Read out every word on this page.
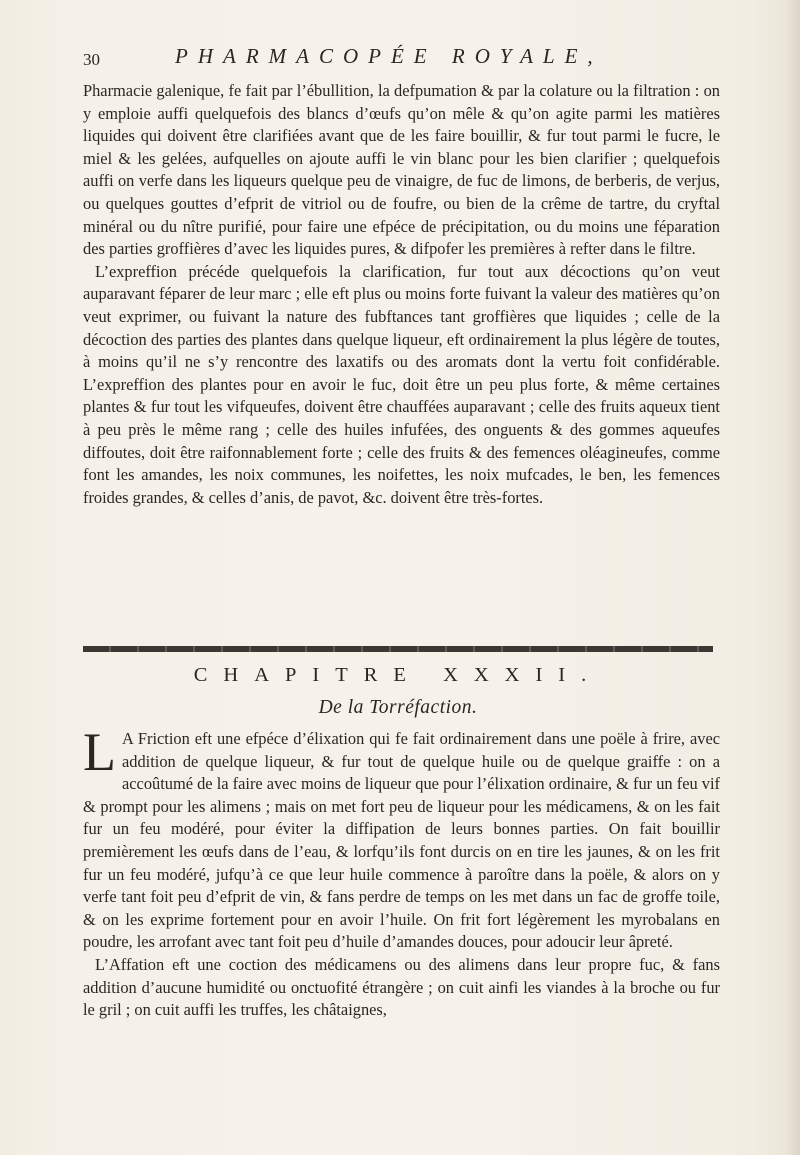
30	PHARMACOPÉE ROYALE,

Pharmacie galenique, fe fait par l’ébullition, la defpumation & par la colature ou la filtration : on y emploie auffi quelquefois des blancs d’œufs qu’on mêle & qu’on agite parmi les matières liquides qui doivent être clarifiées avant que de les faire bouillir, & fur tout parmi le fucre, le miel & les gelées, aufquelles on ajoute auffi le vin blanc pour les bien clarifier ; quelquefois auffi on verfe dans les liqueurs quelque peu de vinaigre, de fuc de limons, de berberis, de verjus, ou quelques gouttes d’efprit de vitriol ou de foufre, ou bien de la crême de tartre, du cryftal minéral ou du nître purifié, pour faire une efpéce de précipitation, ou du moins une féparation des parties groffières d’avec les liquides pures, & difpofer les premières à refter dans le filtre.

L’expreffion précéde quelquefois la clarification, fur tout aux décoctions qu’on veut auparavant féparer de leur marc ; elle eft plus ou moins forte fuivant la valeur des matières qu’on veut exprimer, ou fuivant la nature des fubftances tant groffières que liquides ; celle de la décoction des parties des plantes dans quelque liqueur, eft ordinairement la plus légère de toutes, à moins qu’il ne s’y rencontre des laxatifs ou des aromats dont la vertu foit confidérable. L’expreffion des plantes pour en avoir le fuc, doit être un peu plus forte, & même certaines plantes & fur tout les vifqueufes, doivent être chauffées auparavant ; celle des fruits aqueux tient à peu près le même rang ; celle des huiles infufées, des onguents & des gommes aqueufes diffoutes, doit être raifonnablement forte ; celle des fruits & des femences oléagineufes, comme font les amandes, les noix communes, les noifettes, les noix mufcades, le ben, les femences froides grandes, & celles d’anis, de pavot, &c. doivent être très-fortes.

CHAPITRE XXXII.
De la Torréfaction.

L A Friction eft une efpéce d’élixation qui fe fait ordinairement dans une poële à frire, avec addition de quelque liqueur, & fur tout de quelque huile ou de quelque graiffe : on a accoûtumé de la faire avec moins de liqueur que pour l’élixation ordinaire, & fur un feu vif & prompt pour les alimens ; mais on met fort peu de liqueur pour les médicamens, & on les fait fur un feu modéré, pour éviter la diffipation de leurs bonnes parties. On fait bouillir premièrement les œufs dans de l’eau, & lorfqu’ils font durcis on en tire les jaunes, & on les frit fur un feu modéré, jufqu’à ce que leur huile commence à paroître dans la poële, & alors on y verfe tant foit peu d’efprit de vin, & fans perdre de temps on les met dans un fac de groffe toile, & on les exprime fortement pour en avoir l’huile. On frit fort légèrement les myrobalans en poudre, les arrofant avec tant foit peu d’huile d’amandes douces, pour adoucir leur âpreté.

L’Affation eft une coction des médicamens ou des alimens dans leur propre fuc, & fans addition d’aucune humidité ou onctuofité étrangère ; on cuit ainfi les viandes à la broche ou fur le gril ; on cuit auffi les truffes, les châtaignes,
